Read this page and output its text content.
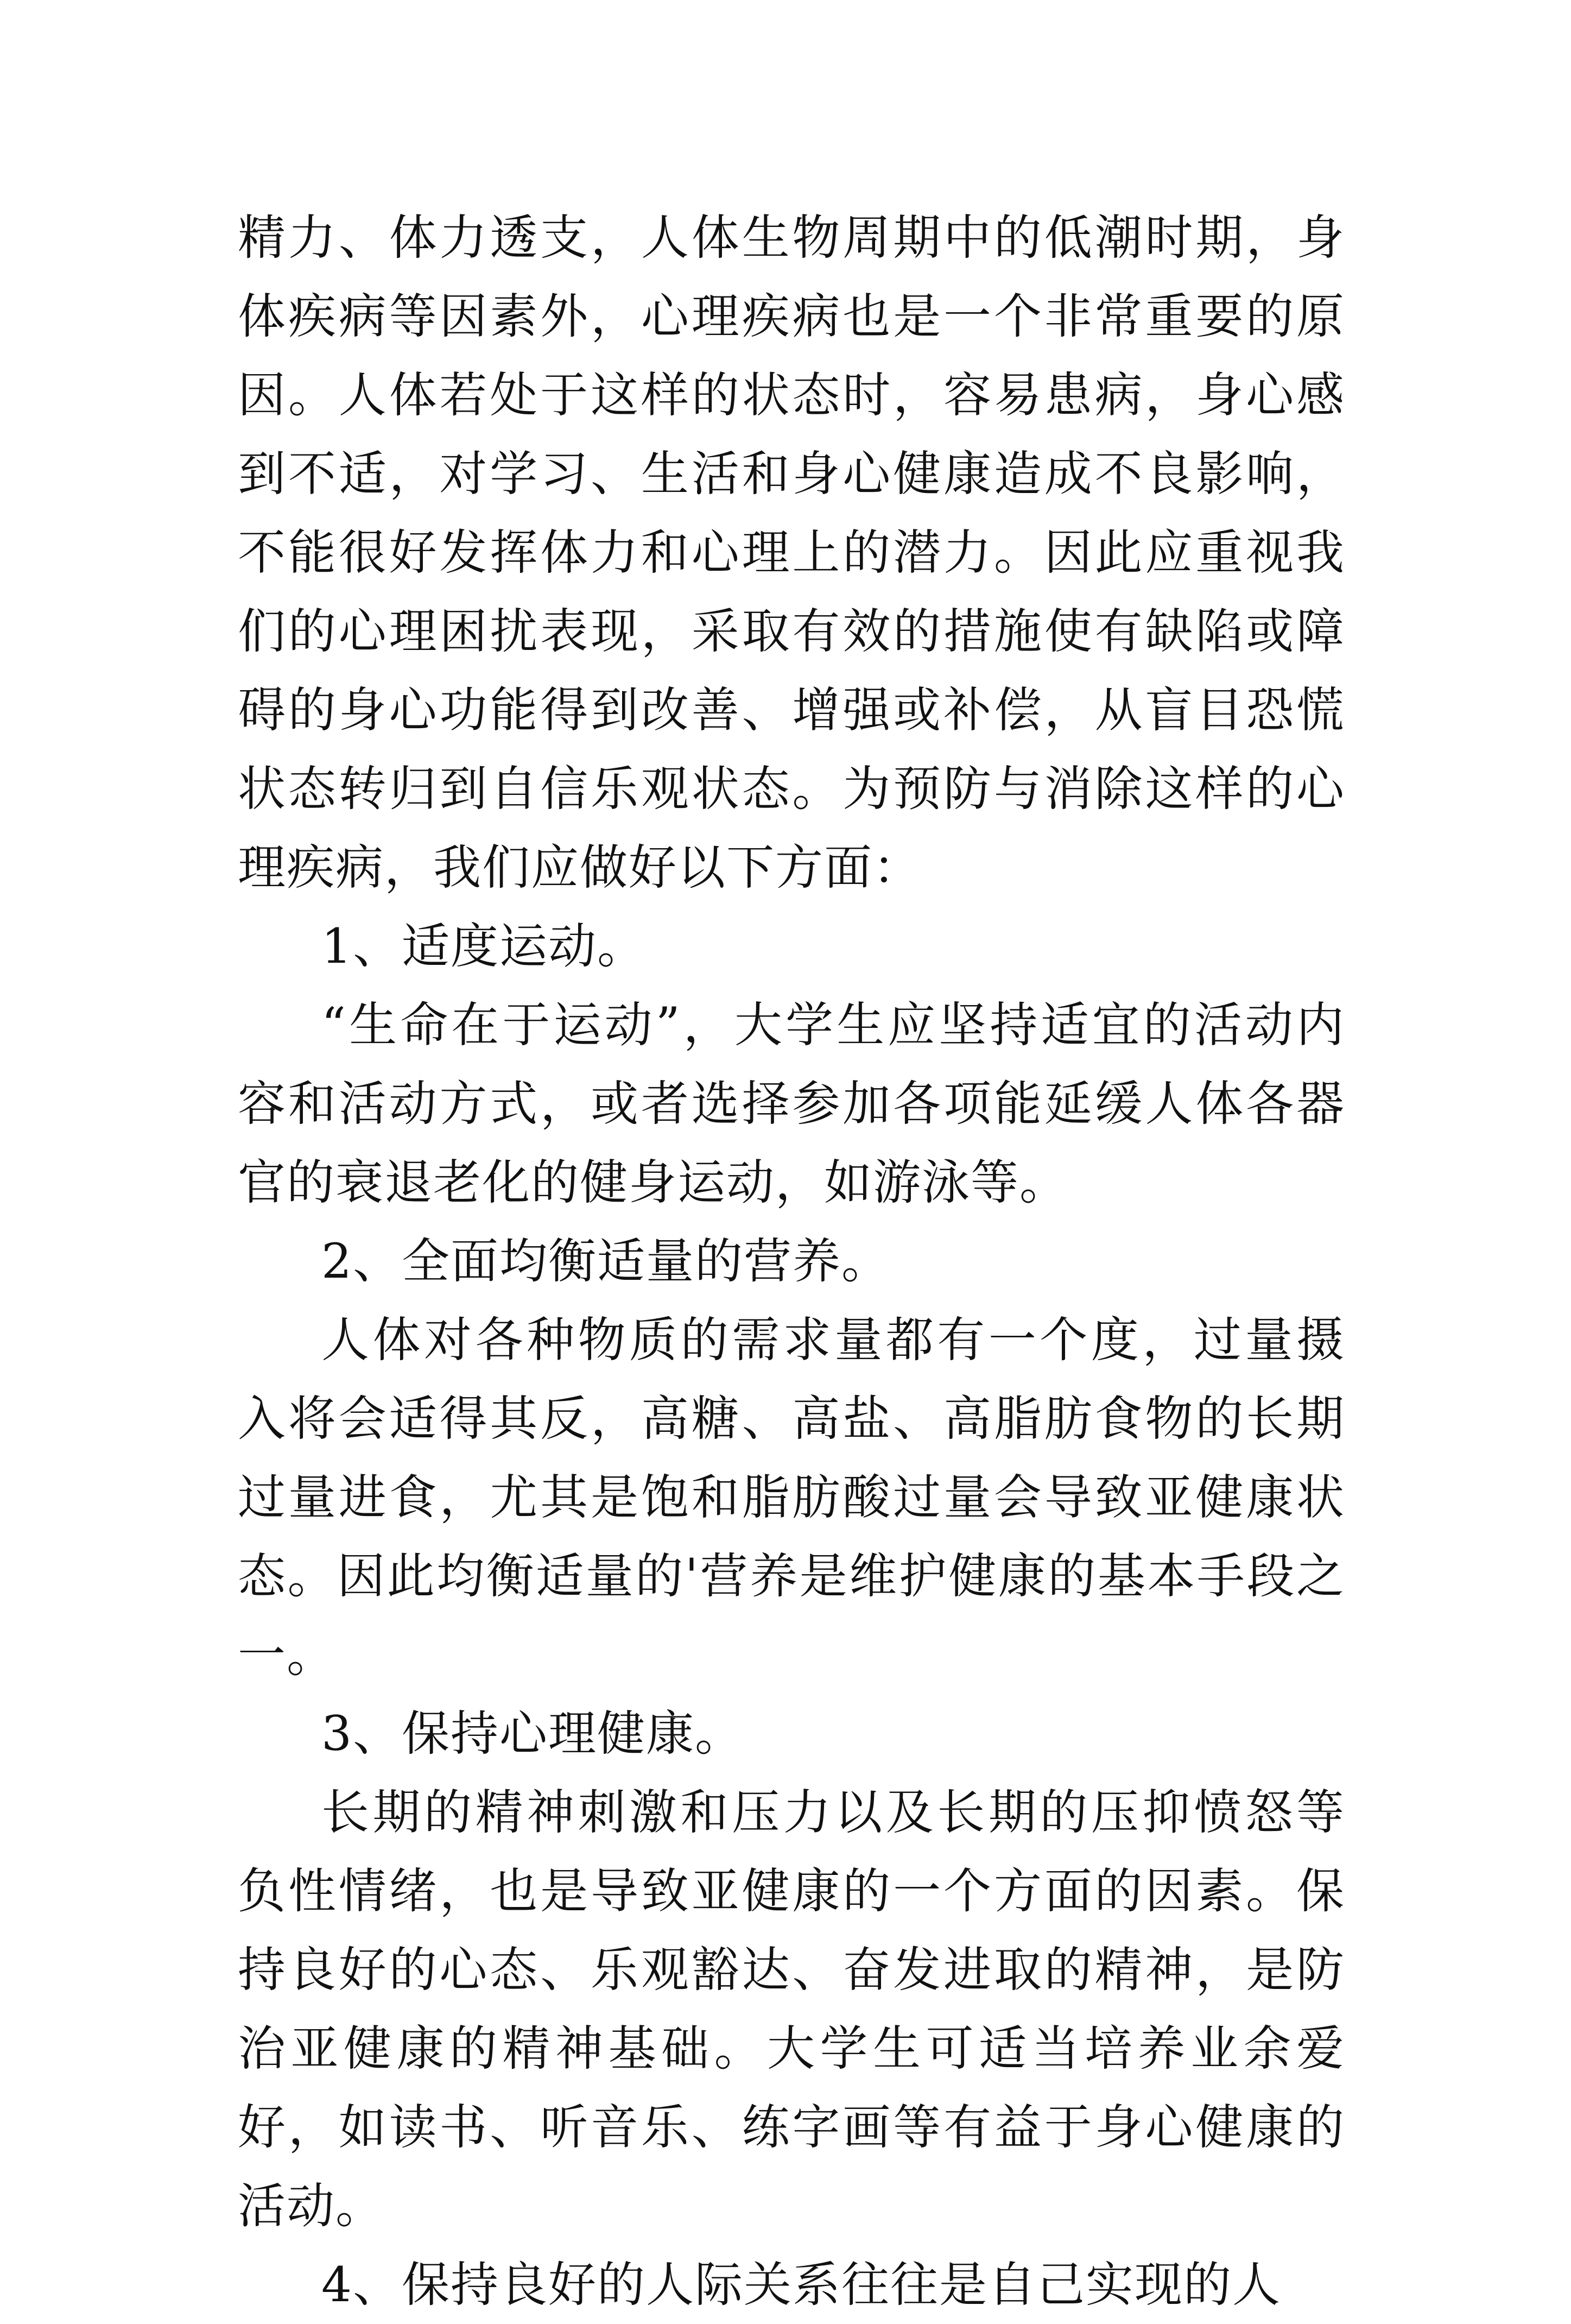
精力、体力透支，人体生物周期中的低潮时期，身体疾病等因素外，心理疾病也是一个非常重要的原因。人体若处于这样的状态时，容易患病，身心感到不适，对学习、生活和身心健康造成不良影响，不能很好发挥体力和心理上的潜力。因此应重视我们的心理困扰表现，采取有效的措施使有缺陷或障碍的身心功能得到改善、增强或补偿，从盲目恐慌状态转归到自信乐观状态。为预防与消除这样的心理疾病，我们应做好以下方面：

1、适度运动。

“生命在于运动”，大学生应坚持适宜的活动内容和活动方式，或者选择参加各项能延缓人体各器官的衰退老化的健身运动，如游泳等。

2、全面均衡适量的营养。

人体对各种物质的需求量都有一个度，过量摄入将会适得其反，高糖、高盐、高脂肪食物的长期过量进食，尤其是饱和脂肪酸过量会导致亚健康状态。因此均衡适量的'营养是维护健康的基本手段之一。

3、保持心理健康。

长期的精神刺激和压力以及长期的压抑愤怒等负性情绪，也是导致亚健康的一个方面的因素。保持良好的心态、乐观豁达、奋发进取的精神，是防治亚健康的精神基础。大学生可适当培养业余爱好，如读书、听音乐、练字画等有益于身心健康的活动。

4、保持良好的人际关系往往是自己实现的人
